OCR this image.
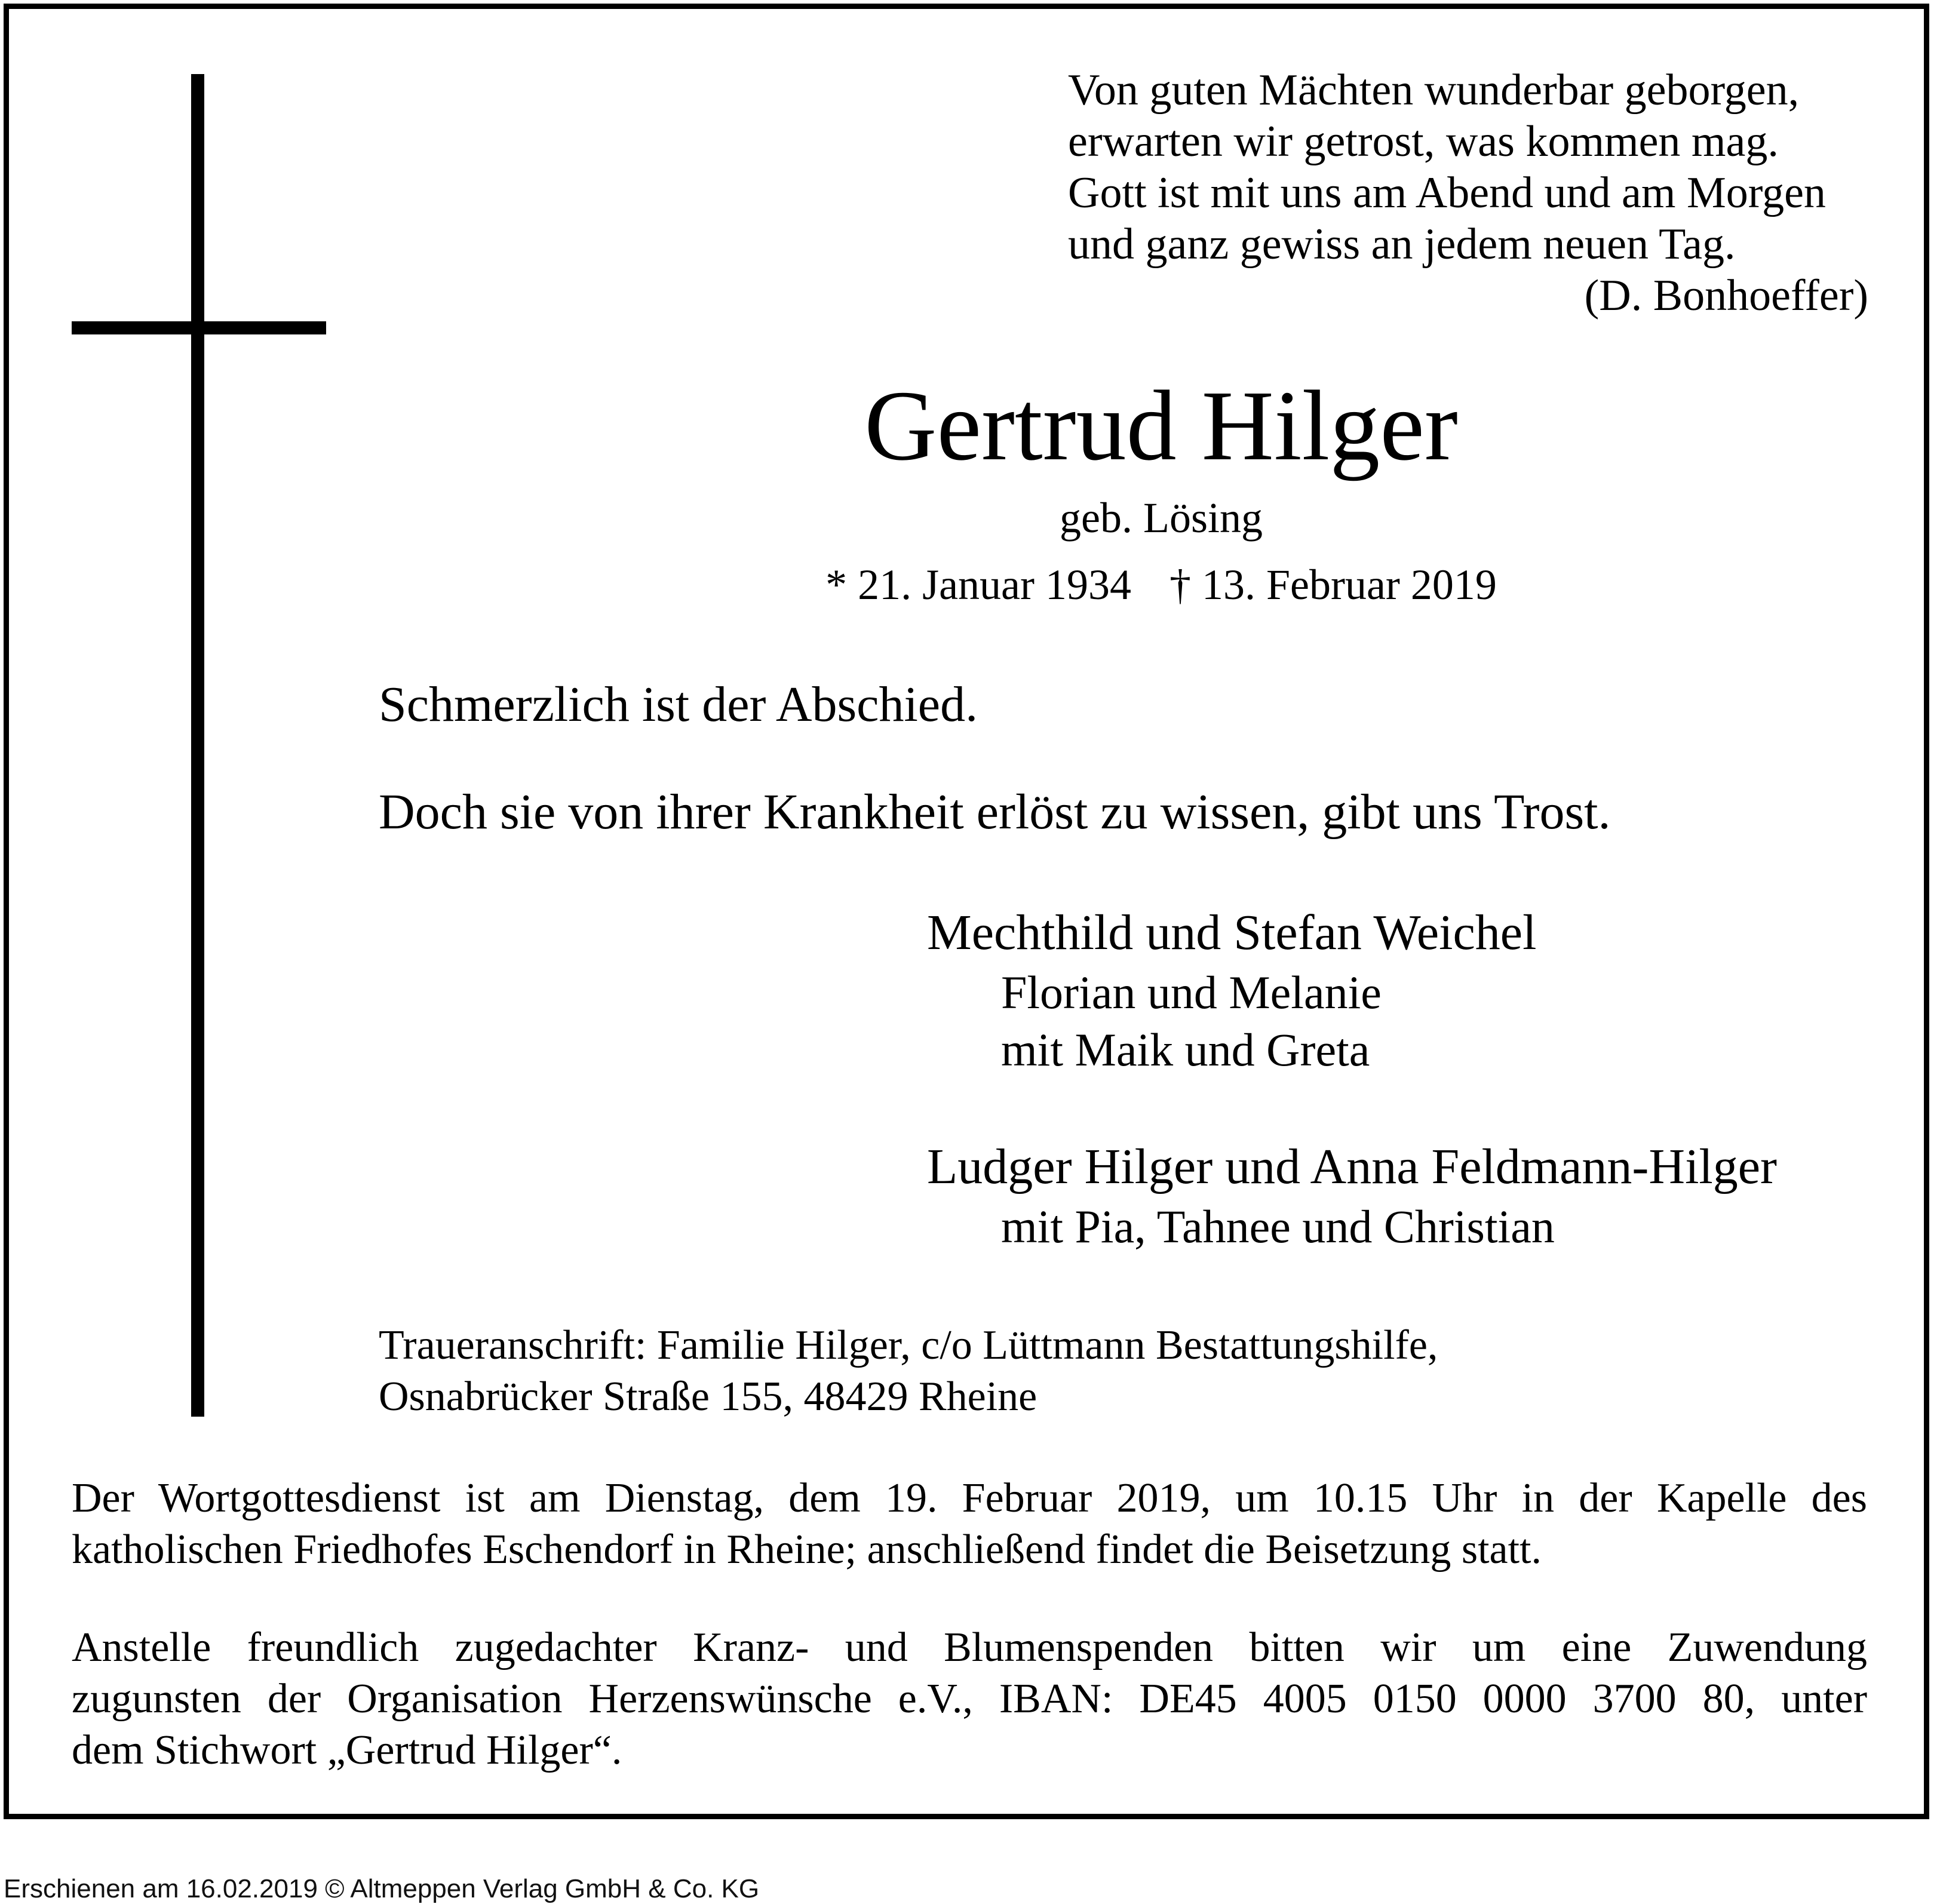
Von guten Mächten wunderbar geborgen,
erwarten wir getrost, was kommen mag.
Gott ist mit uns am Abend und am Morgen
und ganz gewiss an jedem neuen Tag.
(D. Bonhoeffer)
Gertrud Hilger
geb. Lösing
* 21. Januar 1934 † 13. Februar 2019
Schmerzlich ist der Abschied.
Doch sie von ihrer Krankheit erlöst zu wissen, gibt uns Trost.
Mechthild und Stefan Weichel
Florian und Melanie
mit Maik und Greta
Ludger Hilger und Anna Feldmann-Hilger
mit Pia, Tahnee und Christian
Traueranschrift: Familie Hilger, c/o Lüttmann Bestattungshilfe,
Osnabrücker Straße 155, 48429 Rheine
Der Wortgottesdienst ist am Dienstag, dem 19. Februar 2019, um 10.15 Uhr in der Kapelle des
katholischen Friedhofes Eschendorf in Rheine; anschließend findet die Beisetzung statt.
Anstelle freundlich zugedachter Kranz- und Blumenspenden bitten wir um eine Zuwendung
zugunsten der Organisation Herzenswünsche e.V., IBAN: DE45 4005 0150 0000 3700 80, unter
dem Stichwort „Gertrud Hilger“.
Erschienen am 16.02.2019 © Altmeppen Verlag GmbH & Co. KG
